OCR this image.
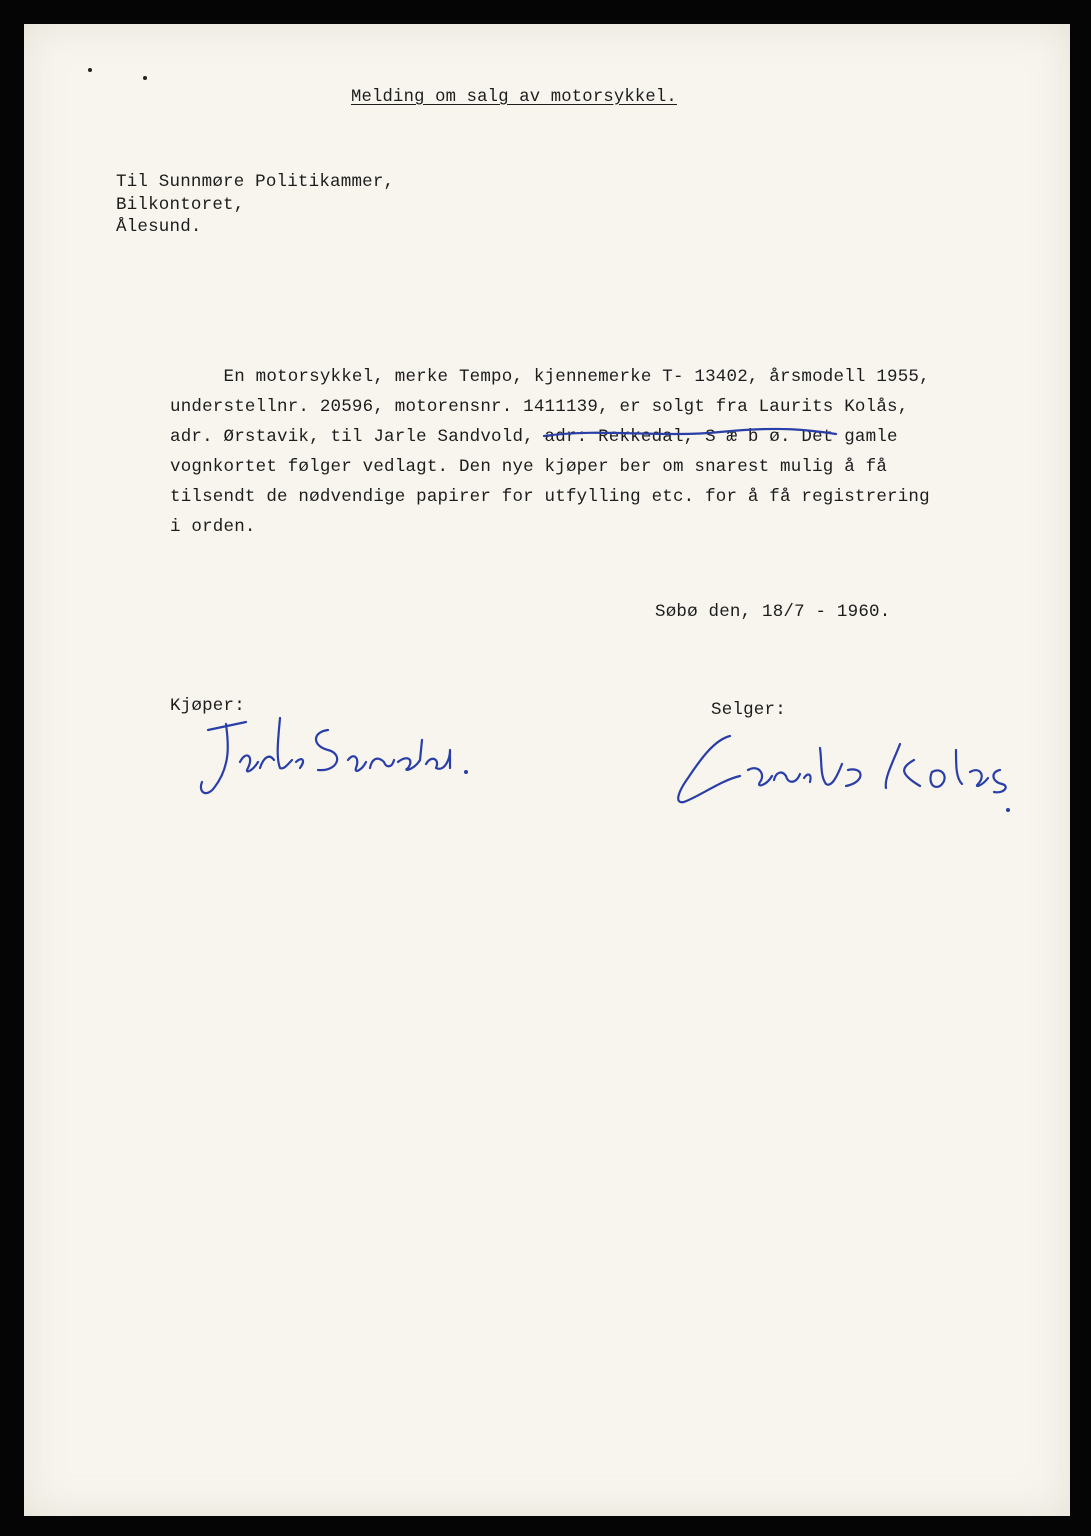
Melding om salg av motorsykkel.
Til Sunnmøre Politikammer,
Bilkontoret,
Ålesund.
En motorsykkel, merke Tempo, kjennemerke T- 13402, årsmodell 1955,
understellnr. 20596, motorensnr. 1411139, er solgt fra Laurits Kolås,
adr. Ørstavik, til Jarle Sandvold, adr: Rekkedal, S æ b ø. Det gamle
vognkortet følger vedlagt. Den nye kjøper ber om snarest mulig å få
tilsendt de nødvendige papirer for utfylling etc. for å få registrering
i orden.
Søbø den, 18/7 - 1960.
Kjøper:	Selger:
